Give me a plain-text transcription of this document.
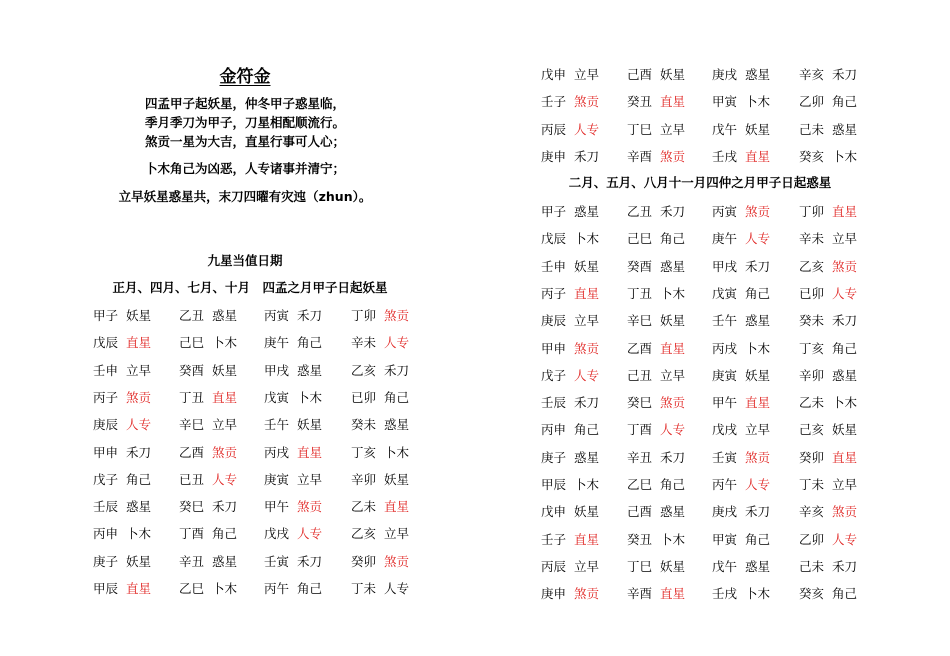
金符金
四孟甲子起妖星，仲冬甲子惑星临，
季月季刀为甲子，刀星相配顺流行。
煞贡一星为大吉，直星行事可人心；
卜木角己为凶恶，人专诸事并清宁；
立早妖星惑星共，末刀四曜有灾迍（zhun）。
九星当值日期
正月、四月、七月、十月　四孟之月甲子日起妖星
甲子 妖星 乙丑 惑星 丙寅 禾刀 丁卯 煞贡
戊辰 直星 己巳 卜木 庚午 角己 辛未 人专
壬申 立早 癸酉 妖星 甲戌 惑星 乙亥 禾刀
丙子 煞贡 丁丑 直星 戊寅 卜木 已卯 角己
庚辰 人专 辛巳 立早 壬午 妖星 癸未 惑星
甲申 禾刀 乙酉 煞贡 丙戌 直星 丁亥 卜木
戊子 角己 已丑 人专 庚寅 立早 辛卯 妖星
壬辰 惑星 癸巳 禾刀 甲午 煞贡 乙未 直星
丙申 卜木 丁酉 角己 戊戌 人专 乙亥 立早
庚子 妖星 辛丑 惑星 壬寅 禾刀 癸卯 煞贡
甲辰 直星 乙巳 卜木 丙午 角己 丁未 人专
戊申 立早 己酉 妖星 庚戌 惑星 辛亥 禾刀
壬子 煞贡 癸丑 直星 甲寅 卜木 乙卯 角己
丙辰 人专 丁巳 立早 戊午 妖星 己未 惑星
庚申 禾刀 辛酉 煞贡 壬戌 直星 癸亥 卜木
二月、五月、八月十一月四仲之月甲子日起惑星
甲子 惑星 乙丑 禾刀 丙寅 煞贡 丁卯 直星
戊辰 卜木 己巳 角己 庚午 人专 辛未 立早
壬申 妖星 癸酉 惑星 甲戌 禾刀 乙亥 煞贡
丙子 直星 丁丑 卜木 戊寅 角己 已卯 人专
庚辰 立早 辛巳 妖星 壬午 惑星 癸未 禾刀
甲申 煞贡 乙酉 直星 丙戌 卜木 丁亥 角己
戊子 人专 己丑 立早 庚寅 妖星 辛卯 惑星
壬辰 禾刀 癸巳 煞贡 甲午 直星 乙未 卜木
丙申 角己 丁酉 人专 戊戌 立早 己亥 妖星
庚子 惑星 辛丑 禾刀 壬寅 煞贡 癸卯 直星
甲辰 卜木 乙巳 角己 丙午 人专 丁未 立早
戊申 妖星 己酉 惑星 庚戌 禾刀 辛亥 煞贡
壬子 直星 癸丑 卜木 甲寅 角己 乙卯 人专
丙辰 立早 丁巳 妖星 戊午 惑星 己未 禾刀
庚申 煞贡 辛酉 直星 壬戌 卜木 癸亥 角己
